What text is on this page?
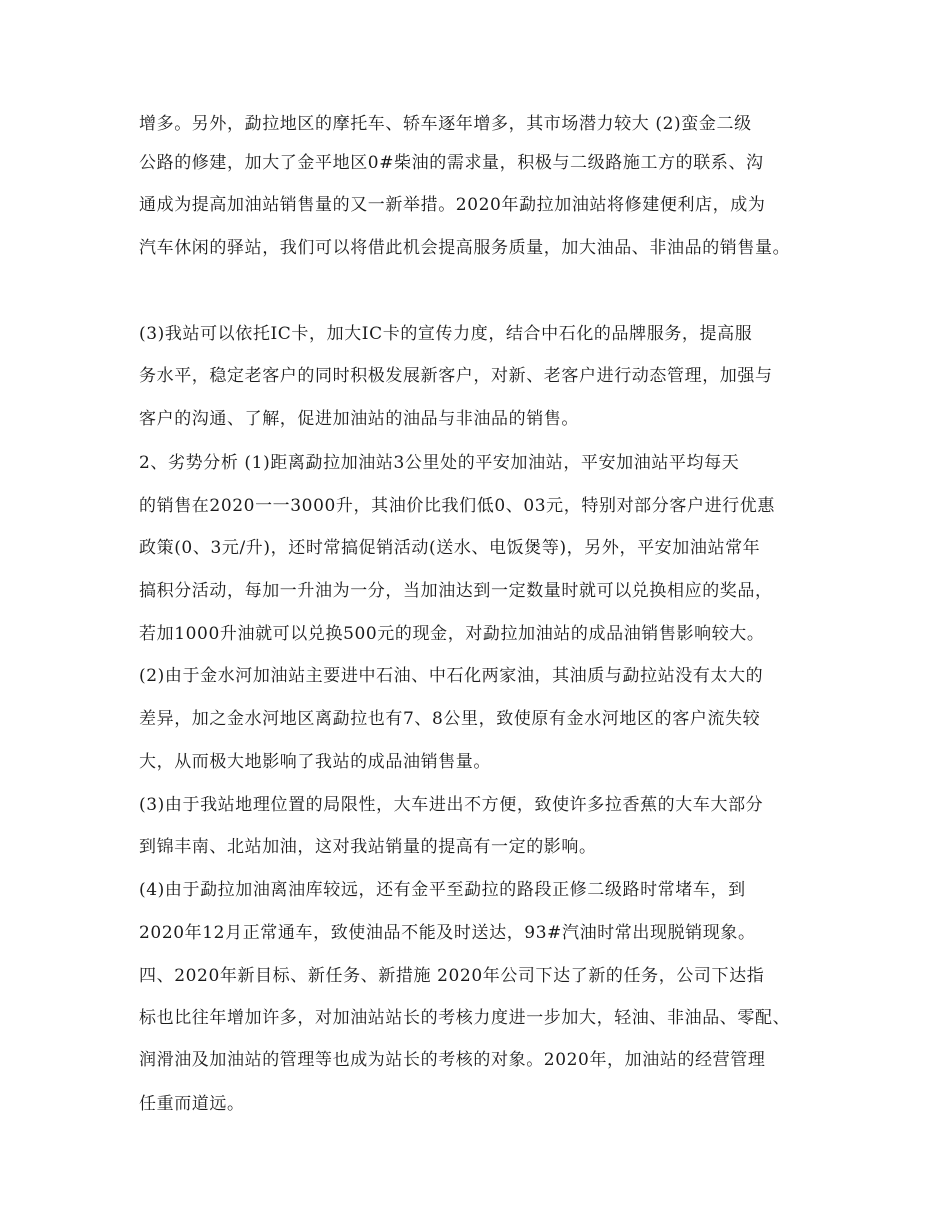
增多。另外，勐拉地区的摩托车、轿车逐年增多，其市场潜力较大 (2)蛮金二级
公路的修建，加大了金平地区0#柴油的需求量，积极与二级路施工方的联系、沟
通成为提高加油站销售量的又一新举措。2020年勐拉加油站将修建便利店，成为
汽车休闲的驿站，我们可以将借此机会提高服务质量，加大油品、非油品的销售量。
(3)我站可以依托IC卡，加大IC卡的宣传力度，结合中石化的品牌服务，提高服
务水平，稳定老客户的同时积极发展新客户，对新、老客户进行动态管理，加强与
客户的沟通、了解，促进加油站的油品与非油品的销售。
2、劣势分析 (1)距离勐拉加油站3公里处的平安加油站，平安加油站平均每天
的销售在2020一一3000升，其油价比我们低0、03元，特别对部分客户进行优惠
政策(0、3元/升)，还时常搞促销活动(送水、电饭煲等)，另外，平安加油站常年
搞积分活动，每加一升油为一分，当加油达到一定数量时就可以兑换相应的奖品，
若加1000升油就可以兑换500元的现金，对勐拉加油站的成品油销售影响较大。
(2)由于金水河加油站主要进中石油、中石化两家油，其油质与勐拉站没有太大的
差异，加之金水河地区离勐拉也有7、8公里，致使原有金水河地区的客户流失较
大，从而极大地影响了我站的成品油销售量。
(3)由于我站地理位置的局限性，大车进出不方便，致使许多拉香蕉的大车大部分
到锦丰南、北站加油，这对我站销量的提高有一定的影响。
(4)由于勐拉加油离油库较远，还有金平至勐拉的路段正修二级路时常堵车，到
2020年12月正常通车，致使油品不能及时送达，93#汽油时常出现脱销现象。
四、2020年新目标、新任务、新措施 2020年公司下达了新的任务，公司下达指
标也比往年增加许多，对加油站站长的考核力度进一步加大，轻油、非油品、零配、
润滑油及加油站的管理等也成为站长的考核的对象。2020年，加油站的经营管理
任重而道远。
